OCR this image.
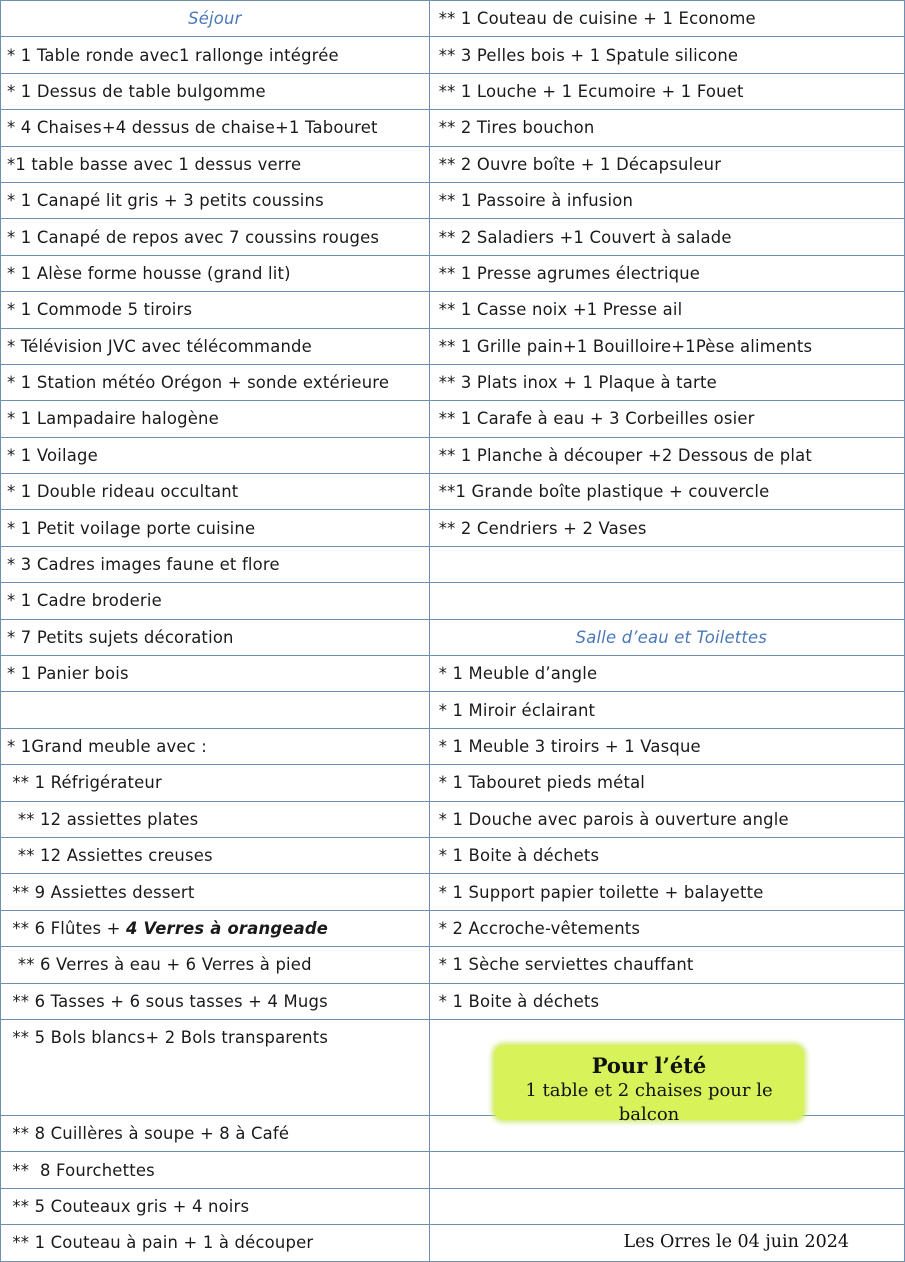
Séjour	** 1 Couteau de cuisine + 1 Econome
* 1 Table ronde avec1 rallonge intégrée	** 3 Pelles bois + 1 Spatule silicone
* 1 Dessus de table bulgomme	** 1 Louche + 1 Ecumoire + 1 Fouet
* 4 Chaises+4 dessus de chaise+1 Tabouret	** 2 Tires bouchon
*1 table basse avec 1 dessus verre	** 2 Ouvre boîte + 1 Décapsuleur
* 1 Canapé lit gris + 3 petits coussins	** 1 Passoire à infusion
* 1 Canapé de repos avec 7 coussins rouges	** 2 Saladiers +1 Couvert à salade
* 1 Alèse forme housse (grand lit)	** 1 Presse agrumes électrique
* 1 Commode 5 tiroirs	** 1 Casse noix +1 Presse ail
* Télévision JVC avec télécommande	** 1 Grille pain+1 Bouilloire+1Pèse aliments
* 1 Station météo Orégon + sonde extérieure	** 3 Plats inox + 1 Plaque à tarte
* 1 Lampadaire halogène	** 1 Carafe à eau + 3 Corbeilles osier
* 1 Voilage	** 1 Planche à découper +2 Dessous de plat
* 1 Double rideau occultant	**1 Grande boîte plastique + couvercle
* 1 Petit voilage porte cuisine	** 2 Cendriers + 2 Vases
* 3 Cadres images faune et flore	
* 1 Cadre broderie	
* 7 Petits sujets décoration	Salle d’eau et Toilettes
* 1 Panier bois	* 1 Meuble d’angle
	* 1 Miroir éclairant
* 1Grand meuble avec :	* 1 Meuble 3 tiroirs + 1 Vasque
** 1 Réfrigérateur	* 1 Tabouret pieds métal
** 12 assiettes plates	* 1 Douche avec parois à ouverture angle
** 12 Assiettes creuses	* 1 Boite à déchets
** 9 Assiettes dessert	* 1 Support papier toilette + balayette
** 6 Flûtes + 4 Verres à orangeade	* 2 Accroche-vêtements
** 6 Verres à eau + 6 Verres à pied	* 1 Sèche serviettes chauffant
** 6 Tasses + 6 sous tasses + 4 Mugs	* 1 Boite à déchets
** 5 Bols blancs+ 2 Bols transparents	
** 8 Cuillères à soupe + 8 à Café	
**  8 Fourchettes	
** 5 Couteaux gris + 4 noirs	
** 1 Couteau à pain + 1 à découper	
Pour l’été
1 table et 2 chaises pour le balcon
Les Orres le 04 juin 2024
